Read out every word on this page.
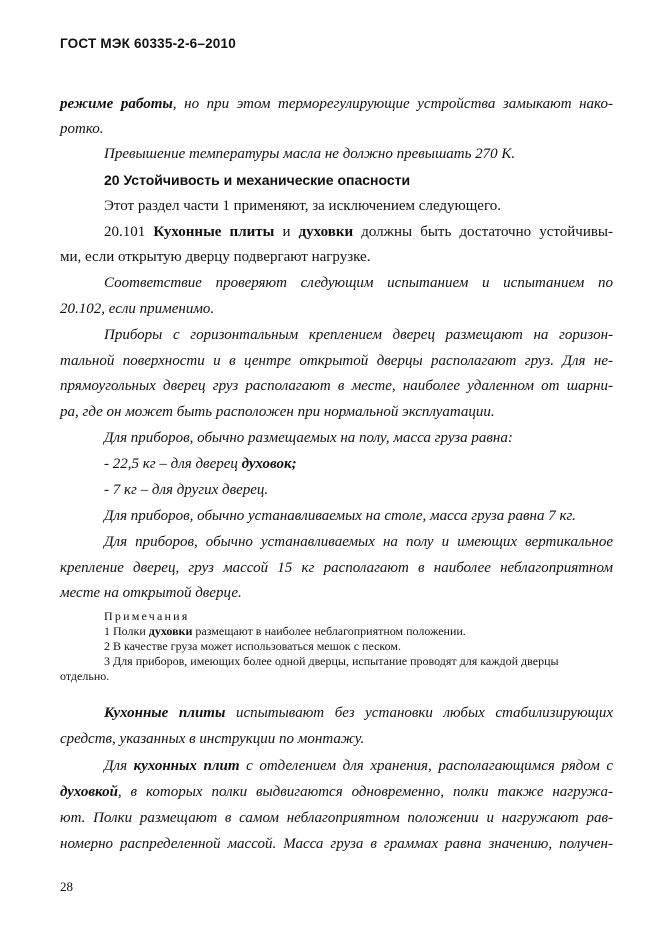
ГОСТ МЭК 60335-2-6–2010
режиме работы, но при этом терморегулирующие устройства замыкают нако-
ротко.
Превышение температуры масла не должно превышать 270 К.
20 Устойчивость и механические опасности
Этот раздел части 1 применяют, за исключением следующего.
20.101 Кухонные плиты и духовки должны быть достаточно устойчивы-
ми, если открытую дверцу подвергают нагрузке.
Соответствие проверяют следующим испытанием и испытанием по
20.102, если применимо.
Приборы с горизонтальным креплением дверец размещают на горизон-
тальной поверхности и в центре открытой дверцы располагают груз. Для не-
прямоугольных дверец груз располагают в месте, наиболее удаленном от шарни-
ра, где он может быть расположен при нормальной эксплуатации.
Для приборов, обычно размещаемых на полу, масса груза равна:
- 22,5 кг – для дверец духовок;
- 7 кг – для других дверец.
Для приборов, обычно устанавливаемых на столе, масса груза равна 7 кг.
Для приборов, обычно устанавливаемых на полу и имеющих вертикальное
крепление дверец, груз массой 15 кг располагают в наиболее неблагоприятном
месте на открытой дверце.
Примечания
1 Полки духовки размещают в наиболее неблагоприятном положении.
2 В качестве груза может использоваться мешок с песком.
3 Для приборов, имеющих более одной дверцы, испытание проводят для каждой дверцы
отдельно.
Кухонные плиты испытывают без установки любых стабилизирующих
средств, указанных в инструкции по монтажу.
Для кухонных плит с отделением для хранения, располагающимся рядом с
духовкой, в которых полки выдвигаются одновременно, полки также нагружа-
ют. Полки размещают в самом неблагоприятном положении и нагружают рав-
номерно распределенной массой. Масса груза в граммах равна значению, получен-
28
